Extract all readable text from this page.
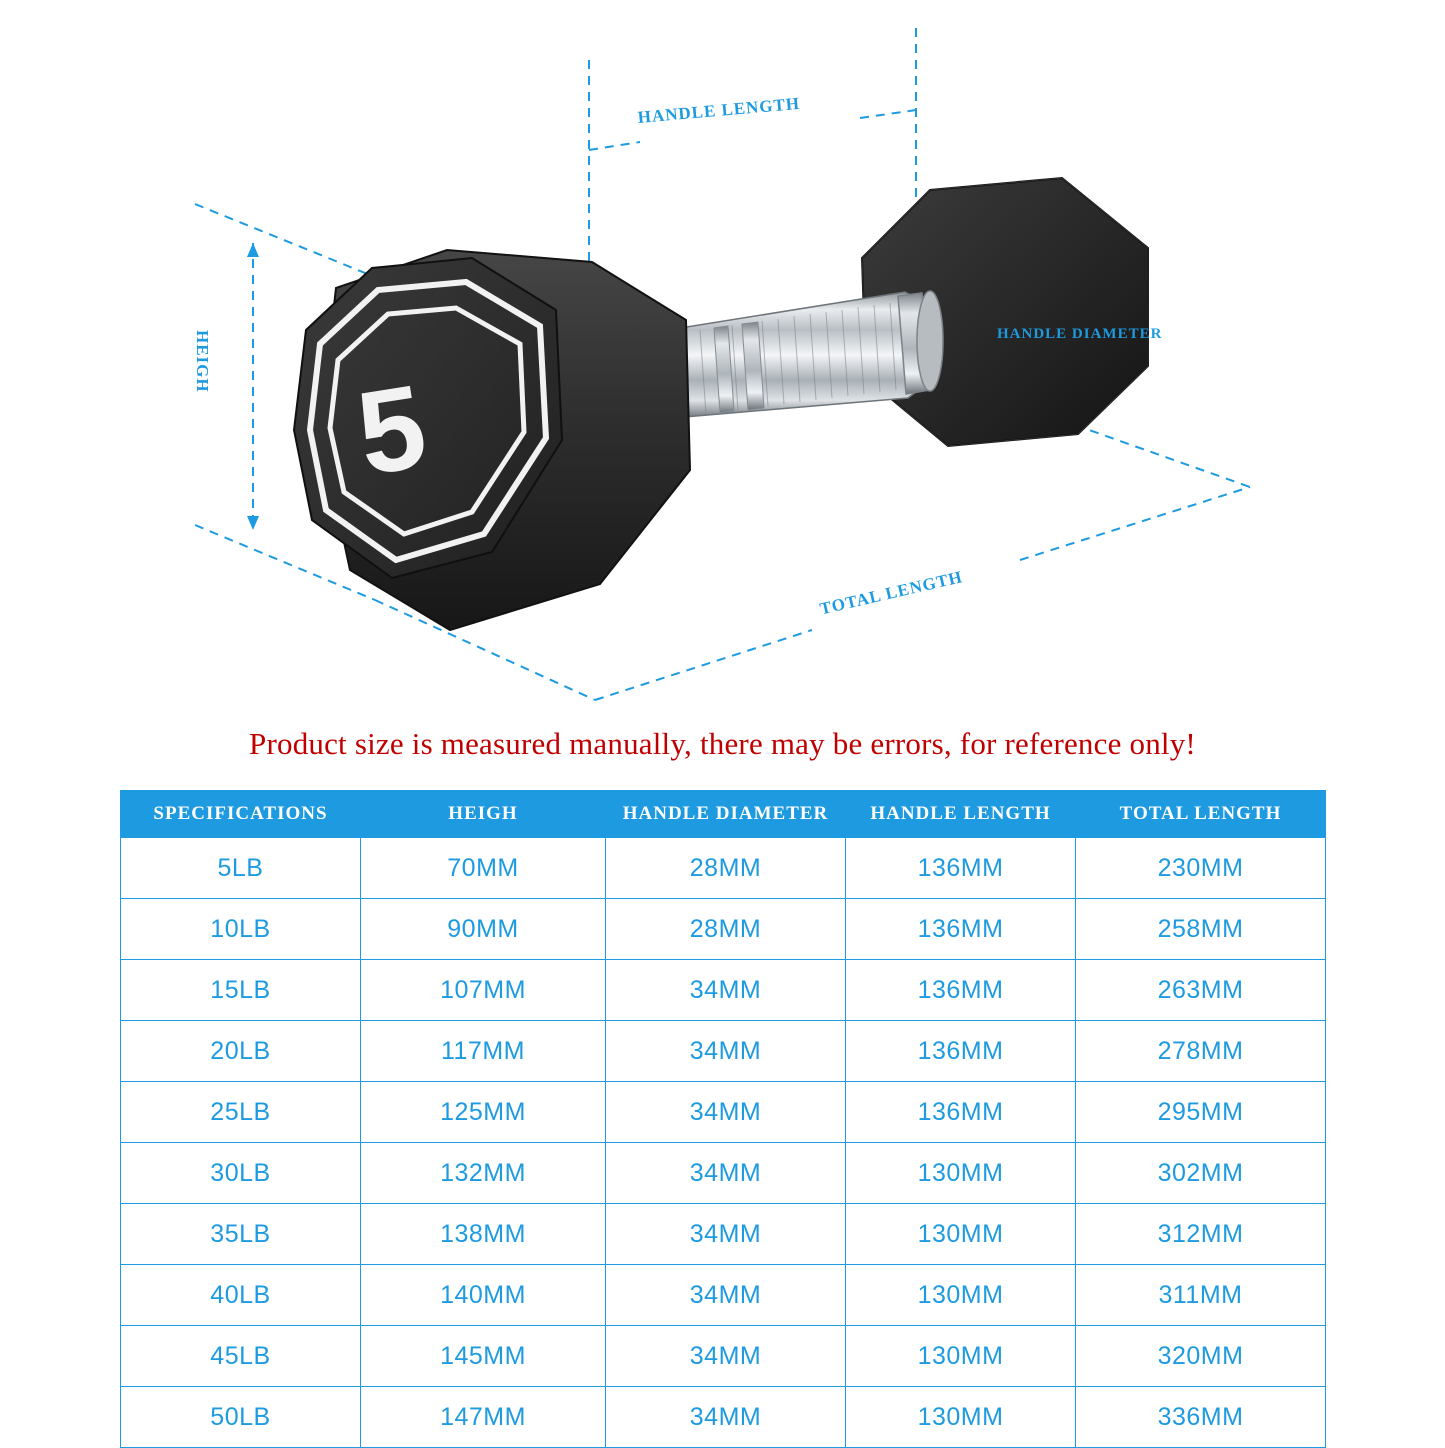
5
HEIGH
HANDLE LENGTH
HANDLE DIAMETER
TOTAL LENGTH
Product size is measured manually, there may be errors, for reference only!
SPECIFICATIONS	HEIGH	HANDLE DIAMETER	HANDLE LENGTH	TOTAL LENGTH
5LB	70MM	28MM	136MM	230MM
10LB	90MM	28MM	136MM	258MM
15LB	107MM	34MM	136MM	263MM
20LB	117MM	34MM	136MM	278MM
25LB	125MM	34MM	136MM	295MM
30LB	132MM	34MM	130MM	302MM
35LB	138MM	34MM	130MM	312MM
40LB	140MM	34MM	130MM	311MM
45LB	145MM	34MM	130MM	320MM
50LB	147MM	34MM	130MM	336MM
